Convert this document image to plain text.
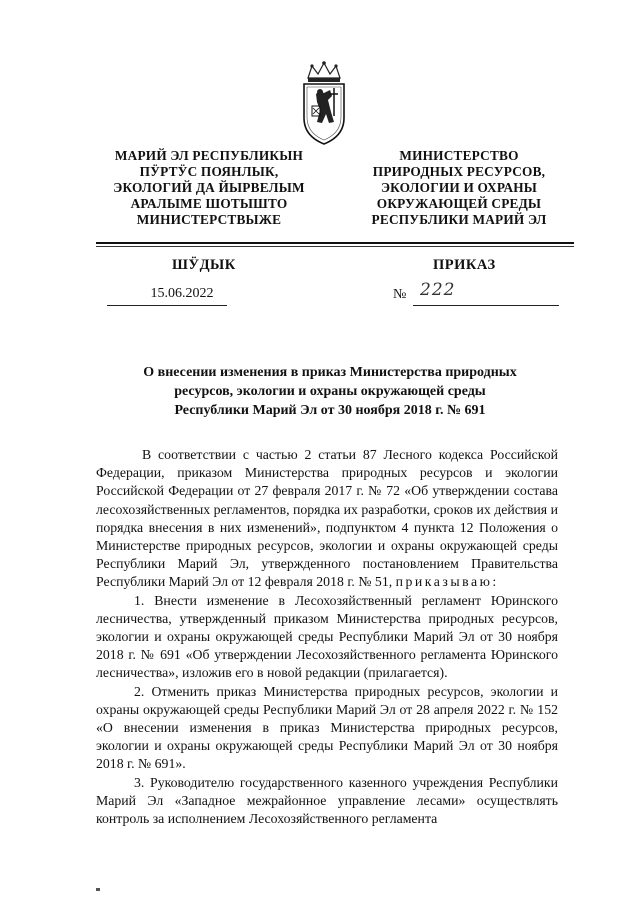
МАРИЙ ЭЛ РЕСПУБЛИКЫН
ПӰРТӰС ПОЯНЛЫК,
ЭКОЛОГИЙ ДА ЙЫРВЕЛЫМ
АРАЛЫМЕ ШОТЫШТО
МИНИСТЕРСТВЫЖЕ
МИНИСТЕРСТВО
ПРИРОДНЫХ РЕСУРСОВ,
ЭКОЛОГИИ И ОХРАНЫ
ОКРУЖАЮЩЕЙ СРЕДЫ
РЕСПУБЛИКИ МАРИЙ ЭЛ
ШӰДЫК	ПРИКАЗ
15.06.2022	№ 222
О внесении изменения в приказ Министерства природных
ресурсов, экологии и охраны окружающей среды
Республики Марий Эл от 30 ноября 2018 г. № 691

В соответствии с частью 2 статьи 87 Лесного кодекса Российской Федерации, приказом Министерства природных ресурсов и экологии Российской Федерации от 27 февраля 2017 г. № 72 «Об утверждении состава лесохозяйственных регламентов, порядка их разработки, сроков их действия и порядка внесения в них изменений», подпунктом 4 пункта 12 Положения о Министерстве природных ресурсов, экологии и охраны окружающей среды Республики Марий Эл, утвержденного постановлением Правительства Республики Марий Эл от 12 февраля 2018 г. № 51, приказываю:

1. Внести изменение в Лесохозяйственный регламент Юринского лесничества, утвержденный приказом Министерства природных ресурсов, экологии и охраны окружающей среды Республики Марий Эл от 30 ноября 2018 г. № 691 «Об утверждении Лесохозяйственного регламента Юринского лесничества», изложив его в новой редакции (прилагается).

2. Отменить приказ Министерства природных ресурсов, экологии и охраны окружающей среды Республики Марий Эл от 28 апреля 2022 г. № 152 «О внесении изменения в приказ Министерства природных ресурсов, экологии и охраны окружающей среды Республики Марий Эл от 30 ноября 2018 г. № 691».

3. Руководителю государственного казенного учреждения Республики Марий Эл «Западное межрайонное управление лесами» осуществлять контроль за исполнением Лесохозяйственного регламента
